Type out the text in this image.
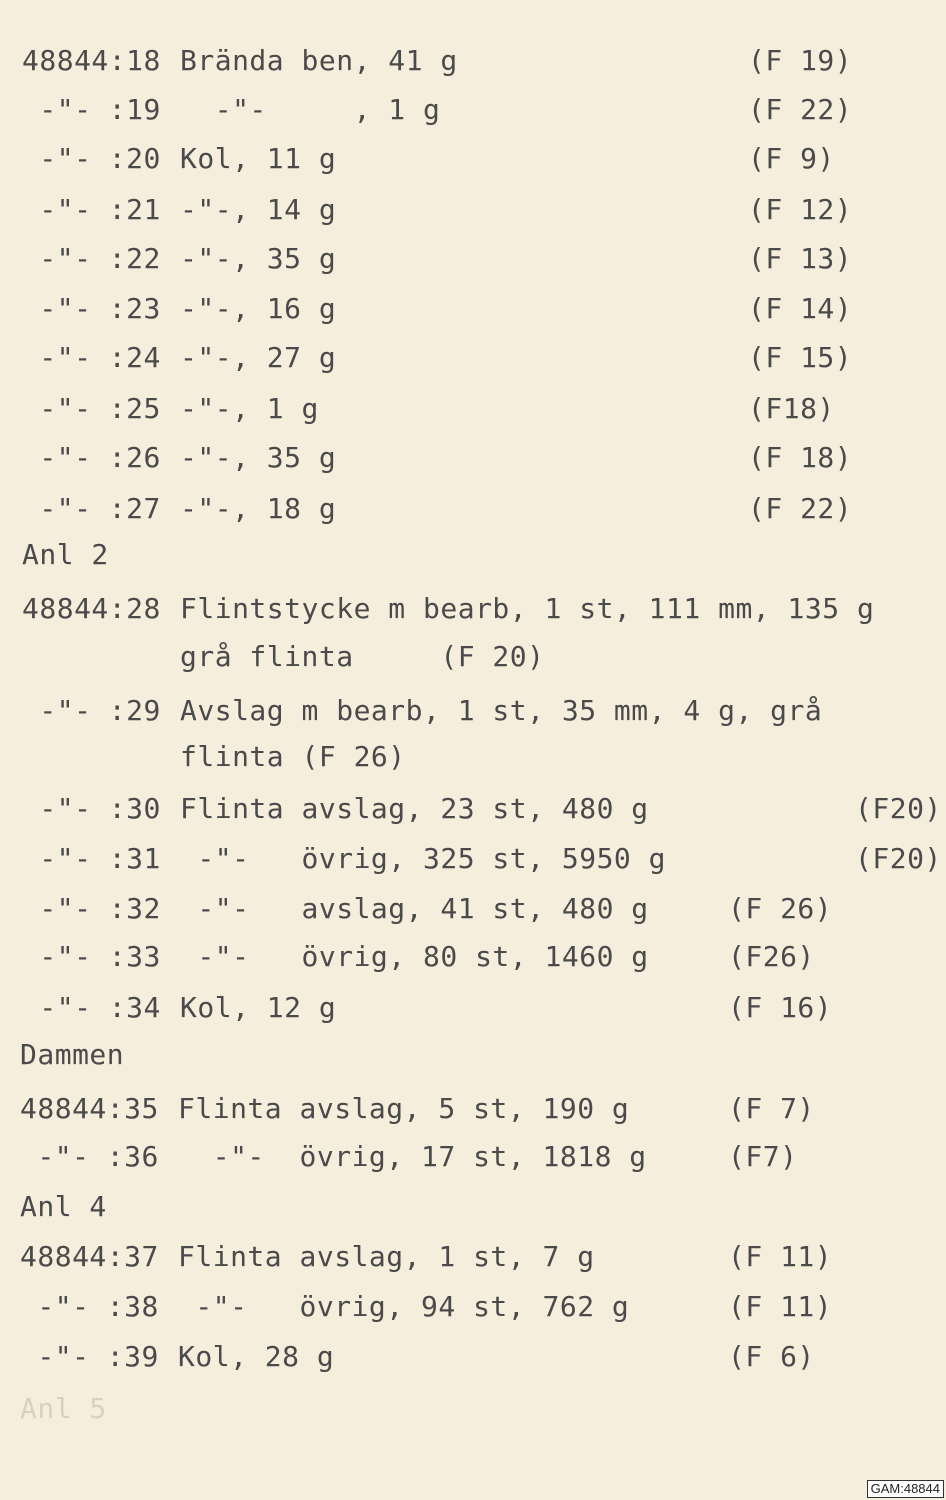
48844:18 Brända ben, 41 g	(F 19)
-"- :19 -"-     , 1 g	(F 22)
-"- :20 Kol, 11 g	(F 9)
-"- :21 -"-, 14 g	(F 12)
-"- :22 -"-, 35 g	(F 13)
-"- :23 -"-, 16 g	(F 14)
-"- :24 -"-, 27 g	(F 15)
-"- :25 -"-, 1 g	(F18)
-"- :26 -"-, 35 g	(F 18)
-"- :27 -"-, 18 g	(F 22)
Anl 2
48844:28 Flintstycke m bearb, 1 st, 111 mm, 135 g
grå flinta     (F 20)
-"- :29 Avslag m bearb, 1 st, 35 mm, 4 g, grå
flinta (F 26)
-"- :30 Flinta avslag, 23 st, 480 g	(F20)
-"- :31 -"-   övrig, 325 st, 5950 g	(F20)
-"- :32 -"-   avslag, 41 st, 480 g	(F 26)
-"- :33 -"-   övrig, 80 st, 1460 g	(F26)
-"- :34 Kol, 12 g	(F 16)
Dammen
48844:35 Flinta avslag, 5 st, 190 g	(F 7)
-"- :36 -"-  övrig, 17 st, 1818 g	(F7)
Anl 4
48844:37 Flinta avslag, 1 st, 7 g	(F 11)
-"- :38 -"-   övrig, 94 st, 762 g	(F 11)
-"- :39 Kol, 28 g	(F 6)
Anl 5
GAM:48844
